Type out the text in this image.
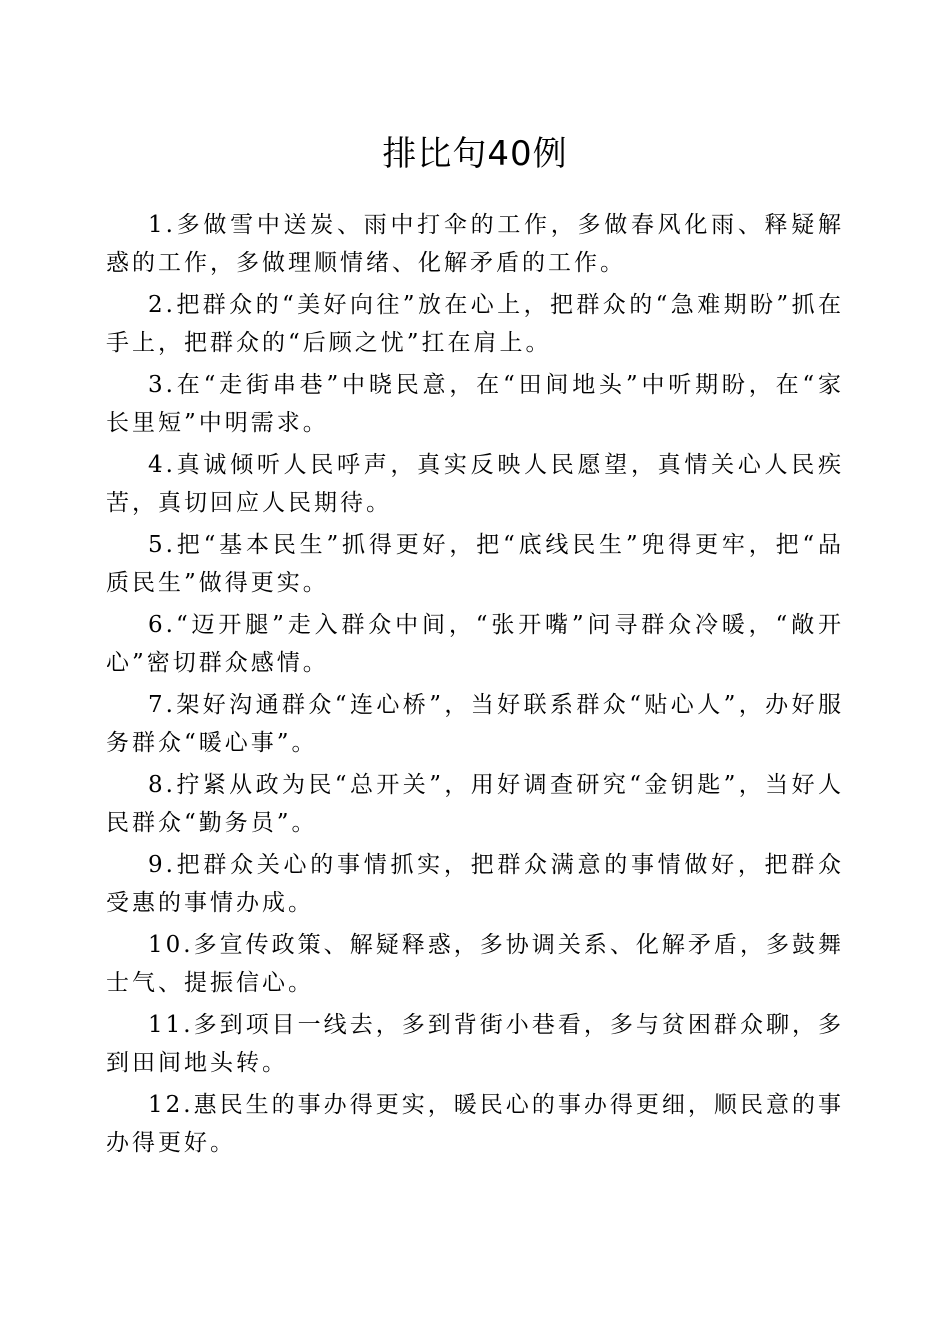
排比句40例
1.多做雪中送炭、雨中打伞的工作，多做春风化雨、释疑解惑的工作，多做理顺情绪、化解矛盾的工作。
2.把群众的“美好向往”放在心上，把群众的“急难期盼”抓在手上，把群众的“后顾之忧”扛在肩上。
3.在“走街串巷”中晓民意，在“田间地头”中听期盼，在“家长里短”中明需求。
4.真诚倾听人民呼声，真实反映人民愿望，真情关心人民疾苦，真切回应人民期待。
5.把“基本民生”抓得更好，把“底线民生”兜得更牢，把“品质民生”做得更实。
6.“迈开腿”走入群众中间，“张开嘴”问寻群众冷暖，“敞开心”密切群众感情。
7.架好沟通群众“连心桥”，当好联系群众“贴心人”，办好服务群众“暖心事”。
8.拧紧从政为民“总开关”，用好调查研究“金钥匙”，当好人民群众“勤务员”。
9.把群众关心的事情抓实，把群众满意的事情做好，把群众受惠的事情办成。
10.多宣传政策、解疑释惑，多协调关系、化解矛盾，多鼓舞士气、提振信心。
11.多到项目一线去，多到背街小巷看，多与贫困群众聊，多到田间地头转。
12.惠民生的事办得更实，暖民心的事办得更细，顺民意的事办得更好。
